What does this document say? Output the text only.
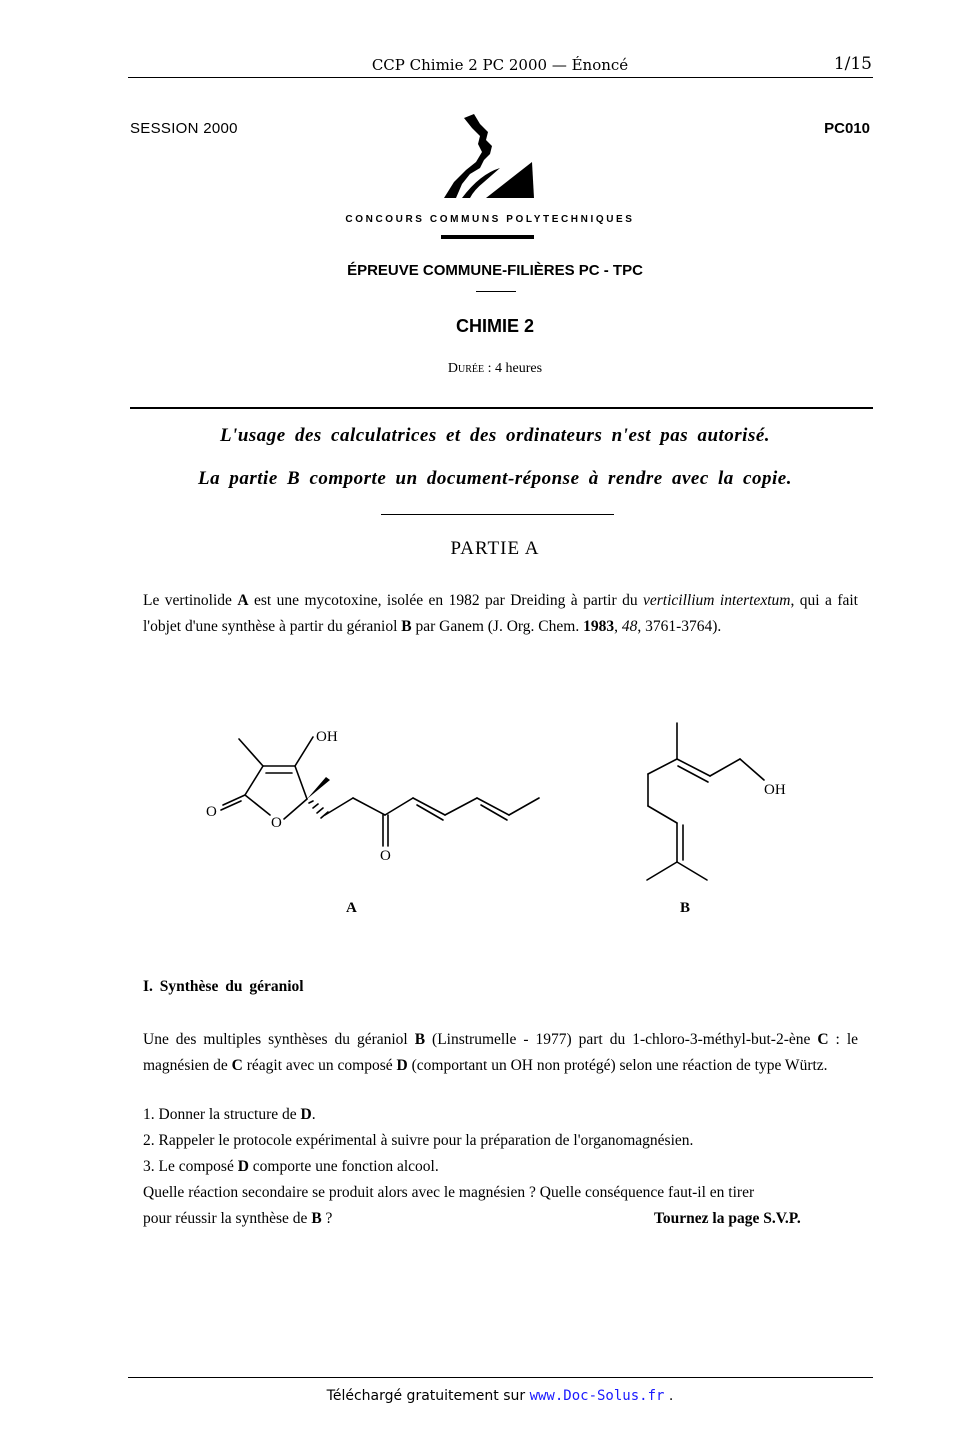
CCP Chimie 2 PC 2000 — Énoncé	1/15
SESSION 2000	PC010
CONCOURS COMMUNS POLYTECHNIQUES
ÉPREUVE COMMUNE-FILIÈRES PC - TPC
CHIMIE 2
Durée : 4 heures
L'usage des calculatrices et des ordinateurs n'est pas autorisé.
La partie B comporte un document-réponse à rendre avec la copie.
PARTIE A
Le vertinolide A est une mycotoxine, isolée en 1982 par Dreiding à partir du verticillium intertextum, qui a fait l'objet d'une synthèse à partir du géraniol B par Ganem (J. Org. Chem. 1983, 48, 3761-3764).
OH
O
O
O
A
OH
B
I. Synthèse du géraniol
Une des multiples synthèses du géraniol B (Linstrumelle - 1977) part du 1-chloro-3-méthyl-but-2-ène C : le magnésien de C réagit avec un composé D (comportant un OH non protégé) selon une réaction de type Würtz.
1. Donner la structure de D.
2. Rappeler le protocole expérimental à suivre pour la préparation de l'organomagnésien.
3. Le composé D comporte une fonction alcool.
Quelle réaction secondaire se produit alors avec le magnésien ? Quelle conséquence faut-il en tirer
pour réussir la synthèse de B ?	Tournez la page S.V.P.
Téléchargé gratuitement sur www.Doc-Solus.fr .
